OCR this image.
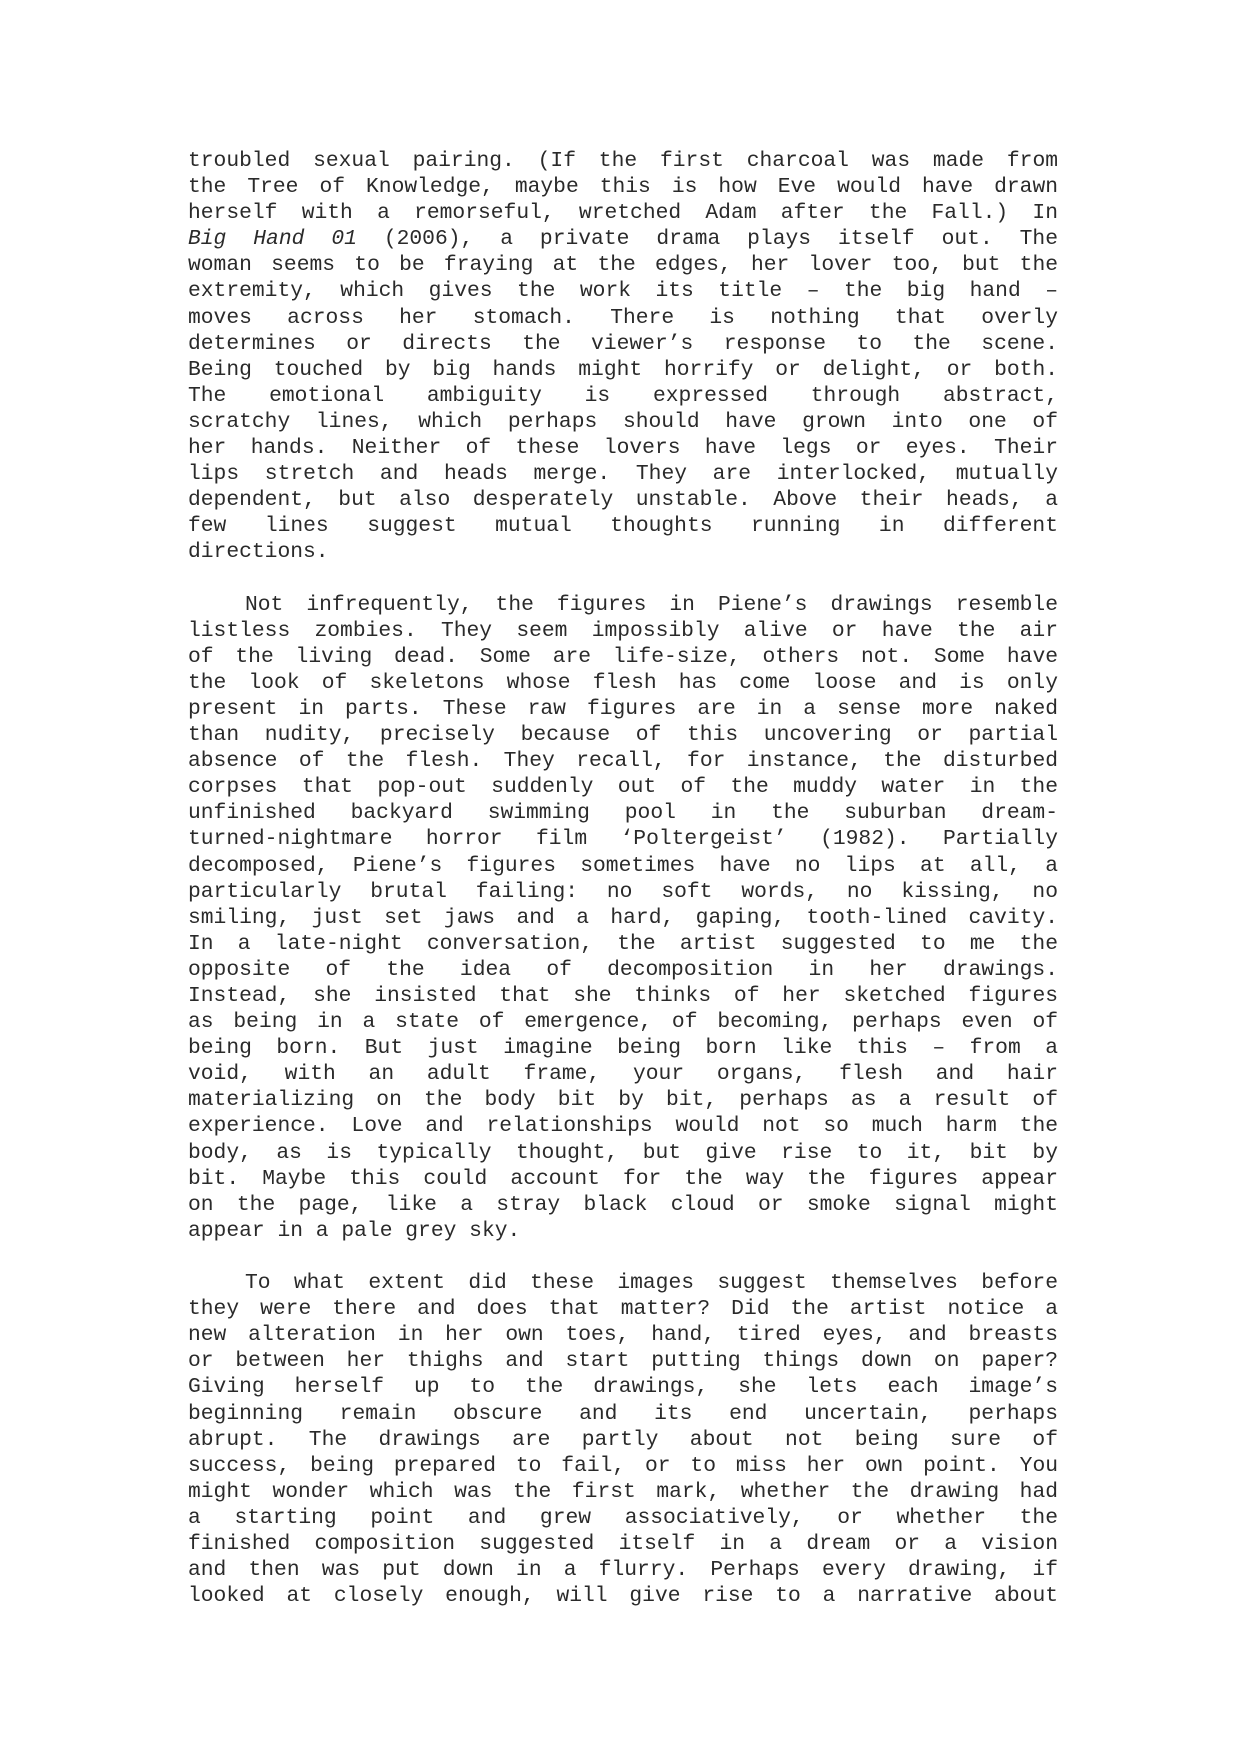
troubled sexual pairing. (If the first charcoal was made from
the Tree of Knowledge, maybe this is how Eve would have drawn
herself with a remorseful, wretched Adam after the Fall.) In
Big Hand 01 (2006), a private drama plays itself out. The
woman seems to be fraying at the edges, her lover too, but the
extremity, which gives the work its title – the big hand –
moves across her stomach. There is nothing that overly
determines or directs the viewer’s response to the scene.
Being touched by big hands might horrify or delight, or both.
The emotional ambiguity is expressed through abstract,
scratchy lines, which perhaps should have grown into one of
her hands. Neither of these lovers have legs or eyes. Their
lips stretch and heads merge. They are interlocked, mutually
dependent, but also desperately unstable. Above their heads, a
few lines suggest mutual thoughts running in different
directions.
Not infrequently, the figures in Piene’s drawings resemble
listless zombies. They seem impossibly alive or have the air
of the living dead. Some are life-size, others not. Some have
the look of skeletons whose flesh has come loose and is only
present in parts. These raw figures are in a sense more naked
than nudity, precisely because of this uncovering or partial
absence of the flesh. They recall, for instance, the disturbed
corpses that pop-out suddenly out of the muddy water in the
unfinished backyard swimming pool in the suburban dream-
turned-nightmare horror film ‘Poltergeist’ (1982). Partially
decomposed, Piene’s figures sometimes have no lips at all, a
particularly brutal failing: no soft words, no kissing, no
smiling, just set jaws and a hard, gaping, tooth-lined cavity.
In a late-night conversation, the artist suggested to me the
opposite of the idea of decomposition in her drawings.
Instead, she insisted that she thinks of her sketched figures
as being in a state of emergence, of becoming, perhaps even of
being born. But just imagine being born like this – from a
void, with an adult frame, your organs, flesh and hair
materializing on the body bit by bit, perhaps as a result of
experience. Love and relationships would not so much harm the
body, as is typically thought, but give rise to it, bit by
bit. Maybe this could account for the way the figures appear
on the page, like a stray black cloud or smoke signal might
appear in a pale grey sky.
To what extent did these images suggest themselves before
they were there and does that matter? Did the artist notice a
new alteration in her own toes, hand, tired eyes, and breasts
or between her thighs and start putting things down on paper?
Giving herself up to the drawings, she lets each image’s
beginning remain obscure and its end uncertain, perhaps
abrupt. The drawings are partly about not being sure of
success, being prepared to fail, or to miss her own point. You
might wonder which was the first mark, whether the drawing had
a starting point and grew associatively, or whether the
finished composition suggested itself in a dream or a vision
and then was put down in a flurry. Perhaps every drawing, if
looked at closely enough, will give rise to a narrative about
